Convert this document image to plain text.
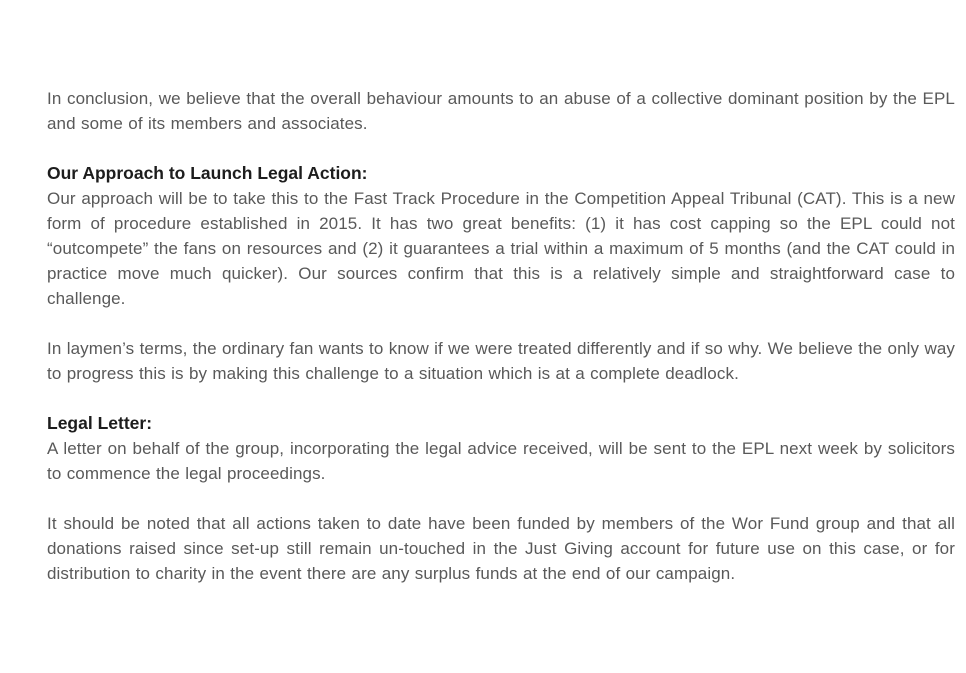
In conclusion, we believe that the overall behaviour amounts to an abuse of a collective dominant position by the EPL and some of its members and associates.

Our Approach to Launch Legal Action:

Our approach will be to take this to the Fast Track Procedure in the Competition Appeal Tribunal (CAT). This is a new form of procedure established in 2015. It has two great benefits: (1) it has cost capping so the EPL could not “outcompete” the fans on resources and (2) it guarantees a trial within a maximum of 5 months (and the CAT could in practice move much quicker). Our sources confirm that this is a relatively simple and straightforward case to challenge.

In laymen’s terms, the ordinary fan wants to know if we were treated differently and if so why. We believe the only way to progress this is by making this challenge to a situation which is at a complete deadlock.

Legal Letter:

A letter on behalf of the group, incorporating the legal advice received, will be sent to the EPL next week by solicitors to commence the legal proceedings.

It should be noted that all actions taken to date have been funded by members of the Wor Fund group and that all donations raised since set-up still remain un-touched in the Just Giving account for future use on this case, or for distribution to charity in the event there are any surplus funds at the end of our campaign.
